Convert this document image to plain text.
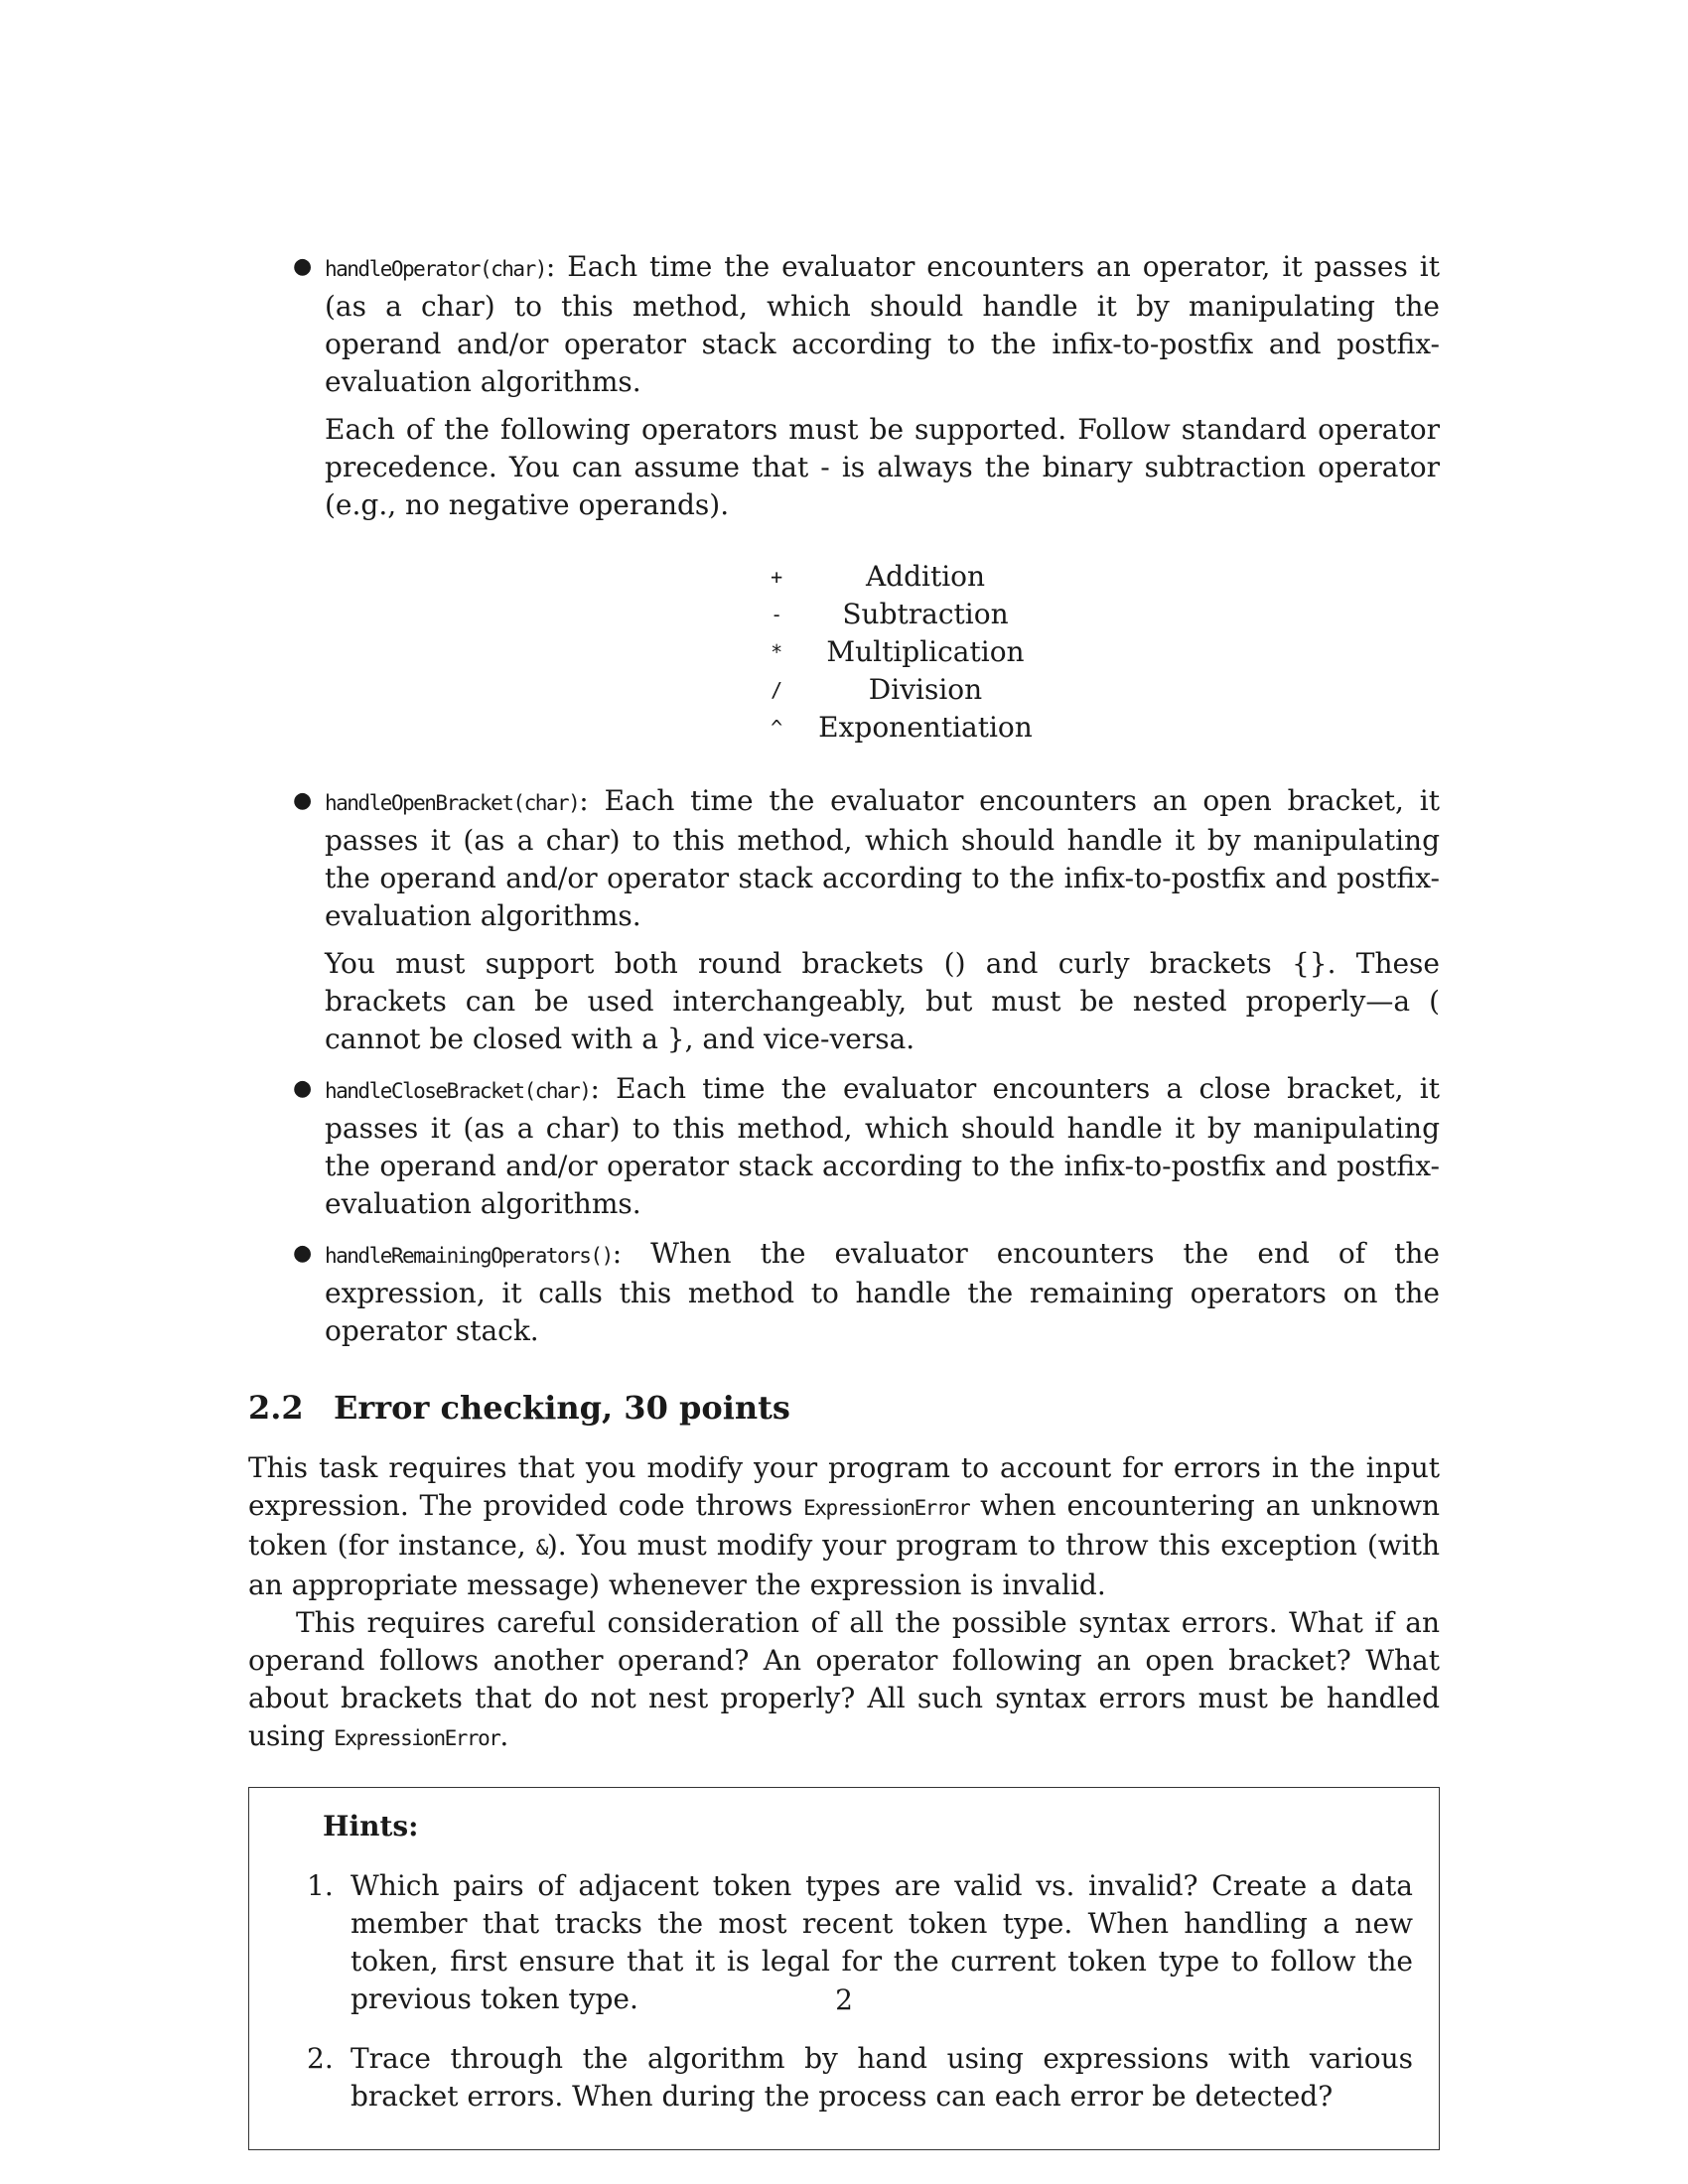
● handleOperator(char): Each time the evaluator encounters an operator, it passes it (as a char) to this method, which should handle it by manipulating the operand and/or operator stack according to the infix-to-postfix and postfix-evaluation algorithms.

Each of the following operators must be supported. Follow standard operator precedence. You can assume that - is always the binary subtraction operator (e.g., no negative operands).

+	Addition
-	Subtraction
*	Multiplication
/	Division
^	Exponentiation
● handleOpenBracket(char): Each time the evaluator encounters an open bracket, it passes it (as a char) to this method, which should handle it by manipulating the operand and/or operator stack according to the infix-to-postfix and postfix-evaluation algorithms.

You must support both round brackets () and curly brackets {}. These brackets can be used interchangeably, but must be nested properly—a ( cannot be closed with a }, and vice-versa.

● handleCloseBracket(char): Each time the evaluator encounters a close bracket, it passes it (as a char) to this method, which should handle it by manipulating the operand and/or operator stack according to the infix-to-postfix and postfix-evaluation algorithms.

● handleRemainingOperators(): When the evaluator encounters the end of the expression, it calls this method to handle the remaining operators on the operator stack.

2.2 Error checking, 30 points

This task requires that you modify your program to account for errors in the input expression. The provided code throws ExpressionError when encountering an unknown token (for instance, &). You must modify your program to throw this exception (with an appropriate message) whenever the expression is invalid.

This requires careful consideration of all the possible syntax errors. What if an operand follows another operand? An operator following an open bracket? What about brackets that do not nest properly? All such syntax errors must be handled using ExpressionError.

Hints:
1. Which pairs of adjacent token types are valid vs. invalid? Create a data member that tracks the most recent token type. When handling a new token, first ensure that it is legal for the current token type to follow the previous token type.

2. Trace through the algorithm by hand using expressions with various bracket errors. When during the process can each error be detected?

2
